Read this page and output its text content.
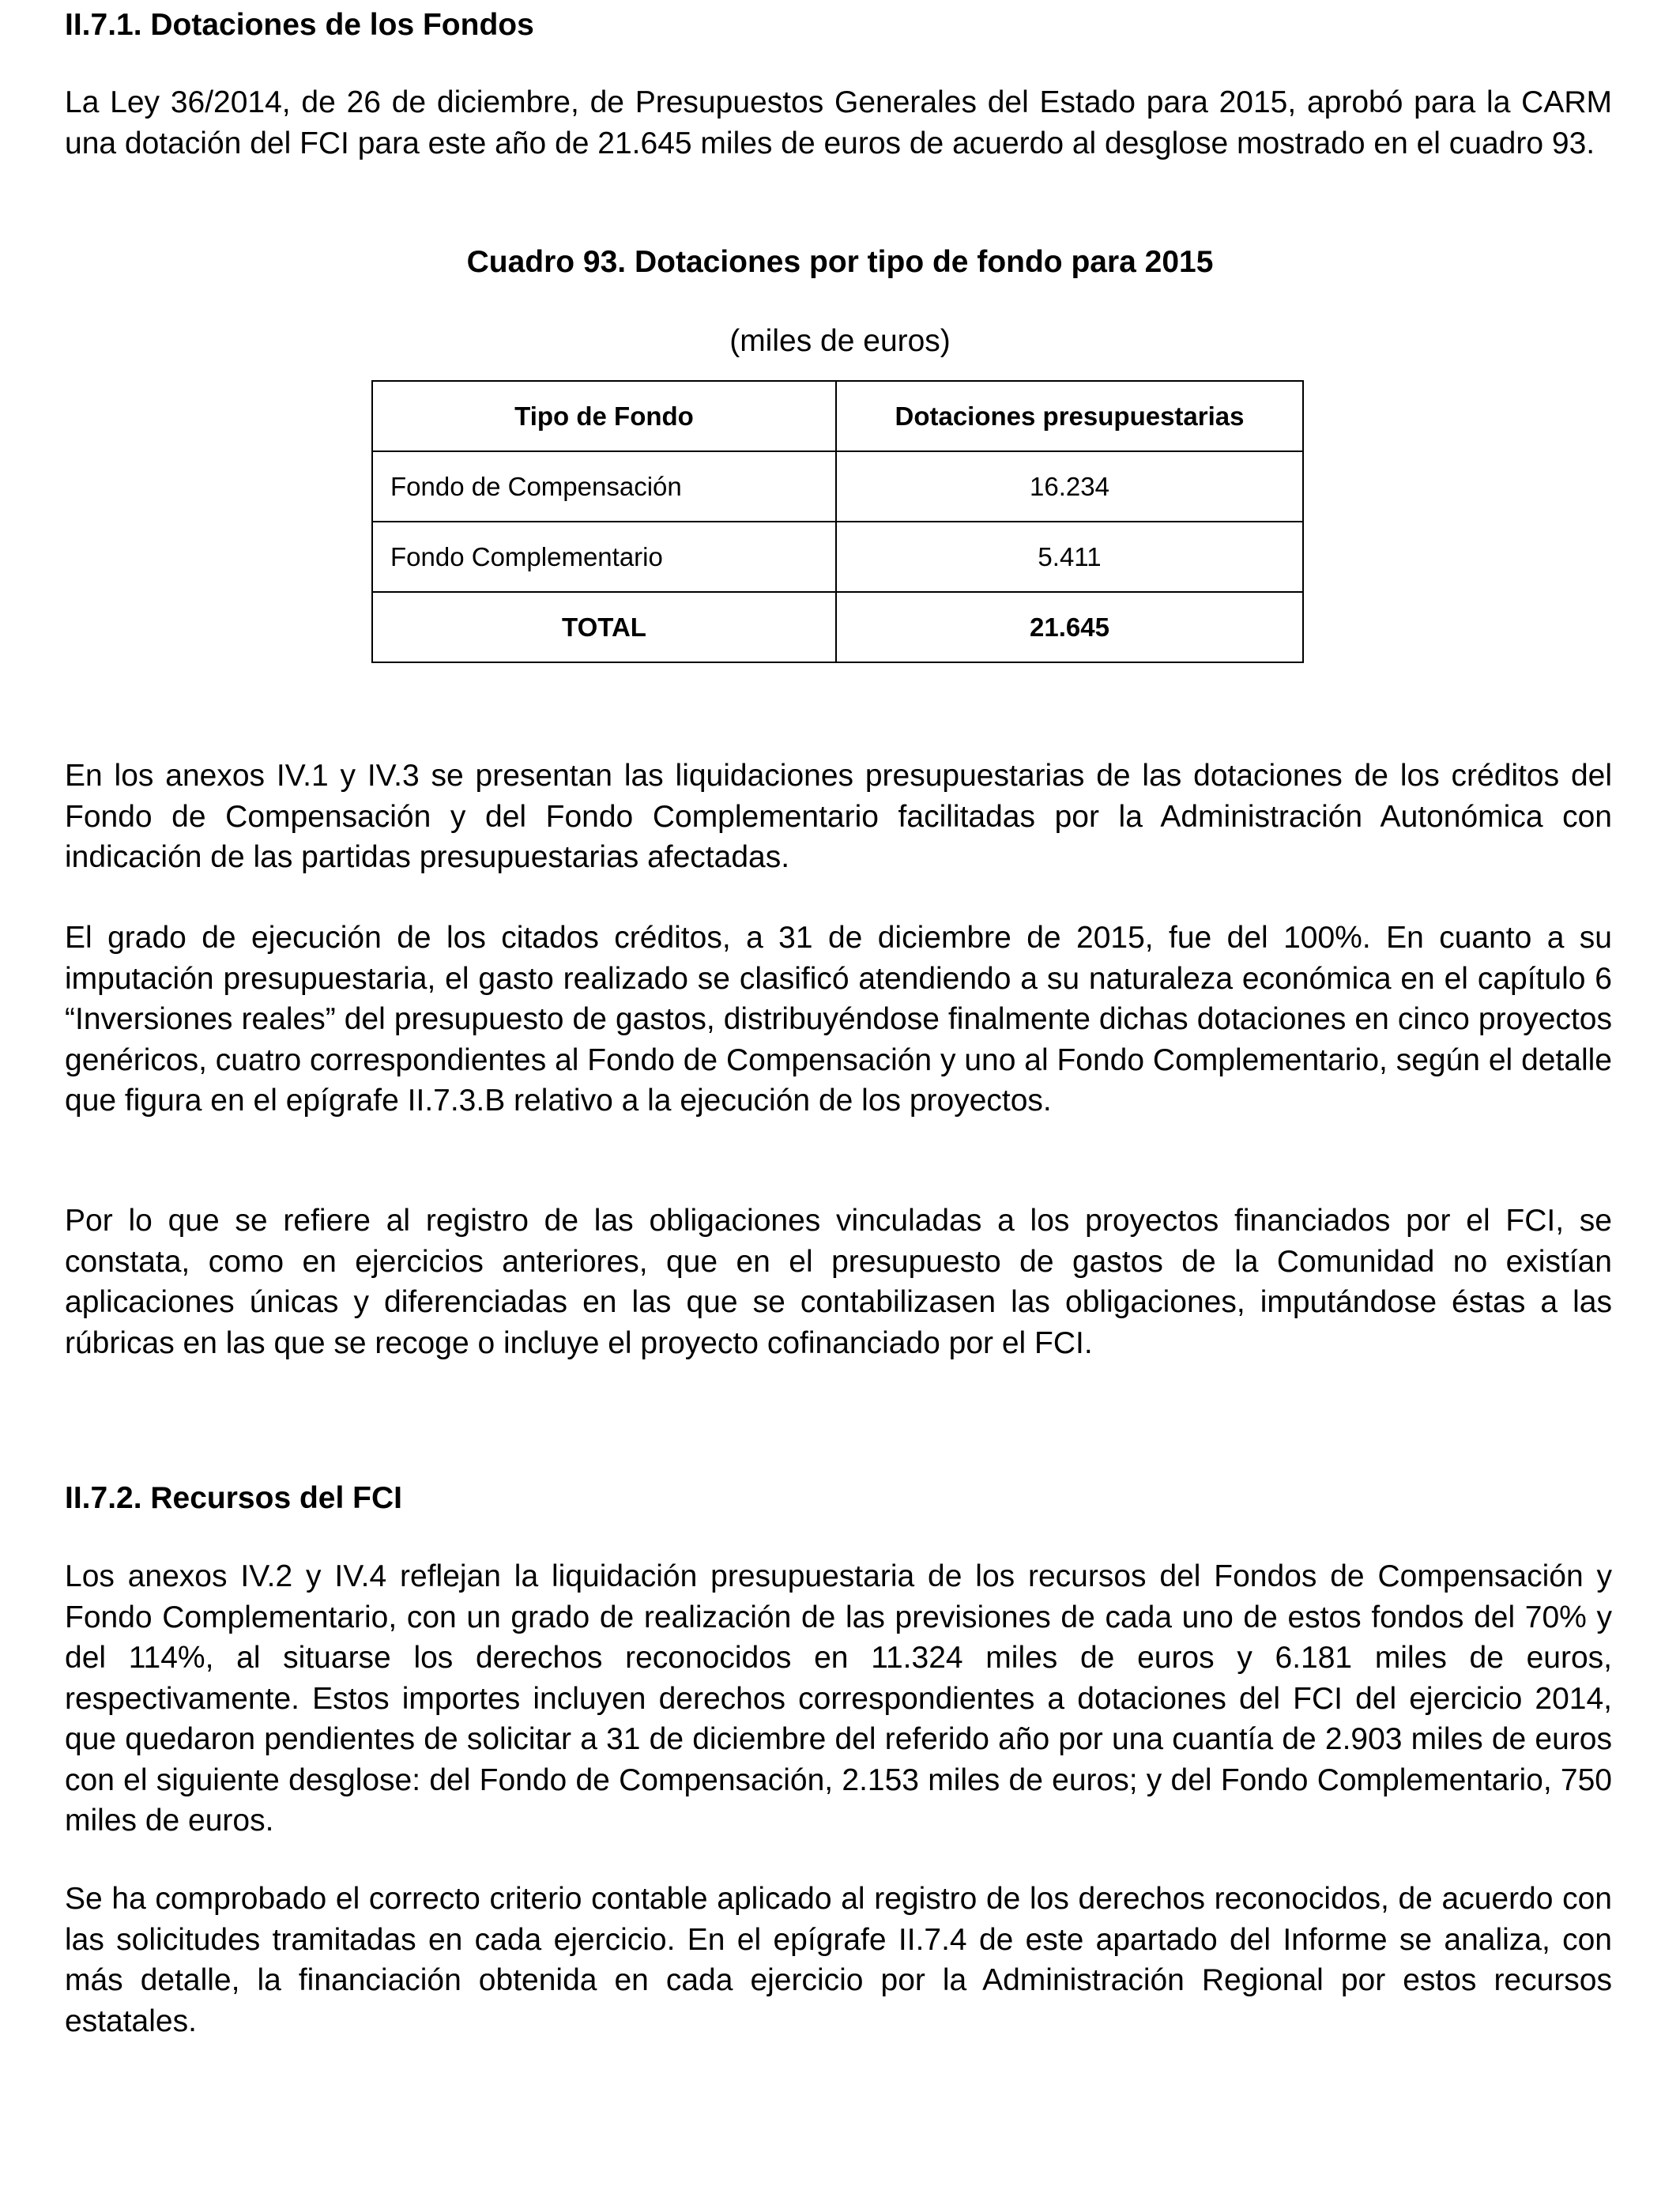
II.7.1. Dotaciones de los Fondos

La Ley 36/2014, de 26 de diciembre, de Presupuestos Generales del Estado para 2015, aprobó para la CARM una dotación del FCI para este año de 21.645 miles de euros de acuerdo al desglose mostrado en el cuadro 93.

Cuadro 93. Dotaciones por tipo de fondo para 2015
(miles de euros)
Tipo de Fondo	Dotaciones presupuestarias
Fondo de Compensación	16.234
Fondo Complementario	5.411
TOTAL	21.645

En los anexos IV.1 y IV.3 se presentan las liquidaciones presupuestarias de las dotaciones de los créditos del Fondo de Compensación y del Fondo Complementario facilitadas por la Administración Autonómica con indicación de las partidas presupuestarias afectadas.

El grado de ejecución de los citados créditos, a 31 de diciembre de 2015, fue del 100%. En cuanto a su imputación presupuestaria, el gasto realizado se clasificó atendiendo a su naturaleza económica en el capítulo 6 “Inversiones reales” del presupuesto de gastos, distribuyéndose finalmente dichas dotaciones en cinco proyectos genéricos, cuatro correspondientes al Fondo de Compensación y uno al Fondo Complementario, según el detalle que figura en el epígrafe II.7.3.B relativo a la ejecución de los proyectos.

Por lo que se refiere al registro de las obligaciones vinculadas a los proyectos financiados por el FCI, se constata, como en ejercicios anteriores, que en el presupuesto de gastos de la Comunidad no existían aplicaciones únicas y diferenciadas en las que se contabilizasen las obligaciones, imputándose éstas a las rúbricas en las que se recoge o incluye el proyecto cofinanciado por el FCI.

II.7.2. Recursos del FCI

Los anexos IV.2 y IV.4 reflejan la liquidación presupuestaria de los recursos del Fondos de Compensación y Fondo Complementario, con un grado de realización de las previsiones de cada uno de estos fondos del 70% y del 114%, al situarse los derechos reconocidos en 11.324 miles de euros y 6.181 miles de euros, respectivamente. Estos importes incluyen derechos correspondientes a dotaciones del FCI del ejercicio 2014, que quedaron pendientes de solicitar a 31 de diciembre del referido año por una cuantía de 2.903 miles de euros con el siguiente desglose: del Fondo de Compensación, 2.153 miles de euros; y del Fondo Complementario, 750 miles de euros.

Se ha comprobado el correcto criterio contable aplicado al registro de los derechos reconocidos, de acuerdo con las solicitudes tramitadas en cada ejercicio. En el epígrafe II.7.4 de este apartado del Informe se analiza, con más detalle, la financiación obtenida en cada ejercicio por la Administración Regional por estos recursos estatales.
